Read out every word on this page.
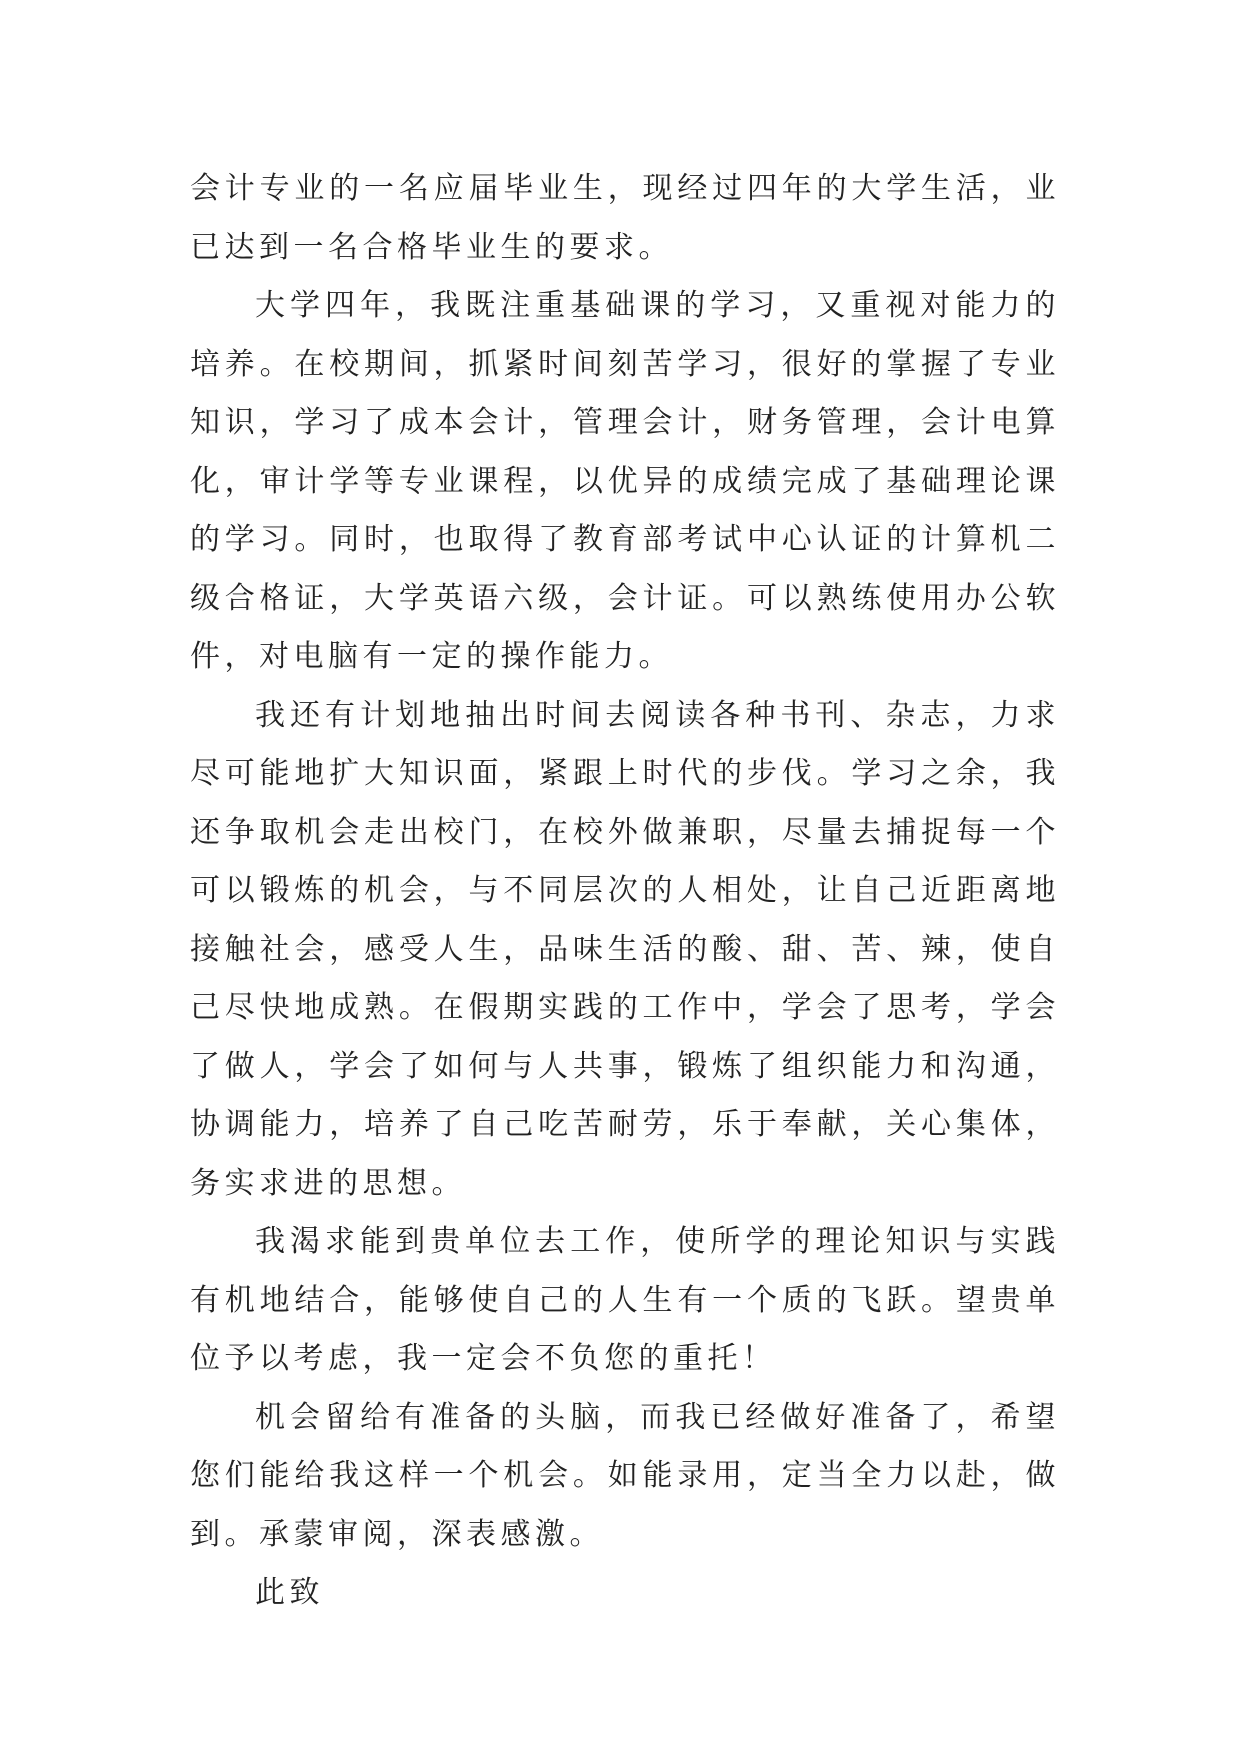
会计专业的一名应届毕业生，现经过四年的大学生活，业已达到一名合格毕业生的要求。

大学四年，我既注重基础课的学习，又重视对能力的培养。在校期间，抓紧时间刻苦学习，很好的掌握了专业知识，学习了成本会计，管理会计，财务管理，会计电算化，审计学等专业课程，以优异的成绩完成了基础理论课的学习。同时，也取得了教育部考试中心认证的计算机二级合格证，大学英语六级，会计证。可以熟练使用办公软件，对电脑有一定的操作能力。

我还有计划地抽出时间去阅读各种书刊、杂志，力求尽可能地扩大知识面，紧跟上时代的步伐。学习之余，我还争取机会走出校门，在校外做兼职，尽量去捕捉每一个可以锻炼的机会，与不同层次的人相处，让自己近距离地接触社会，感受人生，品味生活的酸、甜、苦、辣，使自己尽快地成熟。在假期实践的工作中，学会了思考，学会了做人，学会了如何与人共事，锻炼了组织能力和沟通，协调能力，培养了自己吃苦耐劳，乐于奉献，关心集体，务实求进的思想。

我渴求能到贵单位去工作，使所学的理论知识与实践有机地结合，能够使自己的人生有一个质的飞跃。望贵单位予以考虑，我一定会不负您的重托！

机会留给有准备的头脑，而我已经做好准备了，希望您们能给我这样一个机会。如能录用，定当全力以赴，做到。承蒙审阅，深表感激。

此致
